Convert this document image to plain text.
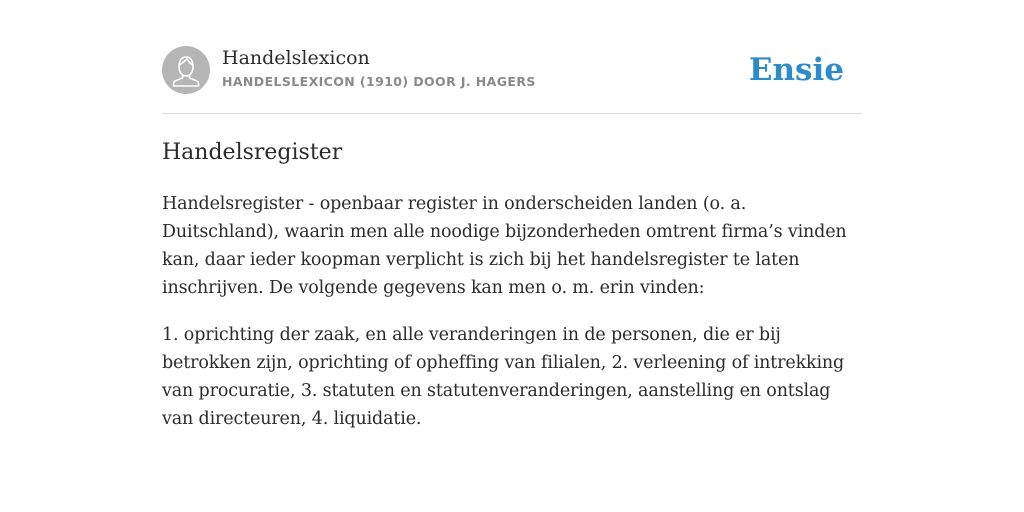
Handelslexicon
HANDELSLEXICON (1910) DOOR J. HAGERS	Ensie
Handelsregister

Handelsregister - openbaar register in onderscheiden landen (o. a. Duitschland), waarin men alle noodige bijzonderheden omtrent firma’s vinden kan, daar ieder koopman verplicht is zich bij het handelsregister te laten inschrijven. De volgende gegevens kan men o. m. erin vinden:

1. oprichting der zaak, en alle veranderingen in de personen, die er bij betrokken zijn, oprichting of opheffing van filialen, 2. verleening of intrekking van procuratie, 3. statuten en statutenveranderingen, aanstelling en ontslag van directeuren, 4. liquidatie.
